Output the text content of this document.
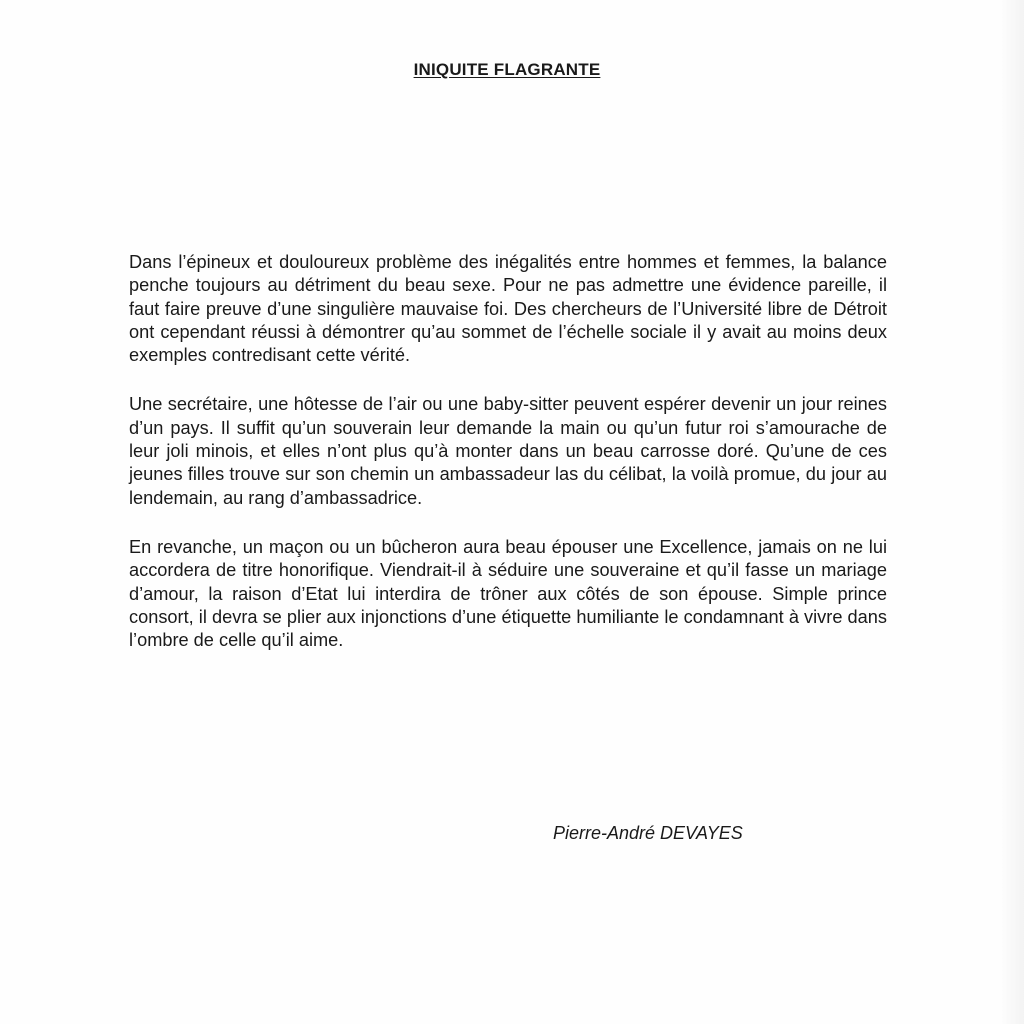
INIQUITE FLAGRANTE

Dans l’épineux et douloureux problème des inégalités entre hommes et femmes, la balance penche toujours au détriment du beau sexe. Pour ne pas admettre une évidence pareille, il faut faire preuve d’une singulière mauvaise foi. Des chercheurs de l’Université libre de Détroit ont cependant réussi à démontrer qu’au sommet de l’échelle sociale il y avait au moins deux exemples contredisant cette vérité.

Une secrétaire, une hôtesse de l’air ou une baby-sitter peuvent espérer devenir un jour reines d’un pays. Il suffit qu’un souverain leur demande la main ou qu’un futur roi s’amourache de leur joli minois, et elles n’ont plus qu’à monter dans un beau carrosse doré. Qu’une de ces jeunes filles trouve sur son chemin un ambassadeur las du célibat, la voilà promue, du jour au lendemain, au rang d’ambassadrice.

En revanche, un maçon ou un bûcheron aura beau épouser une Excellence, jamais on ne lui accordera de titre honorifique. Viendrait-il à séduire une souveraine et qu’il fasse un mariage d’amour, la raison d’Etat lui interdira de trôner aux côtés de son épouse. Simple prince consort, il devra se plier aux injonctions d’une étiquette humiliante le condamnant à vivre dans l’ombre de celle qu’il aime.

Pierre-André DEVAYES
